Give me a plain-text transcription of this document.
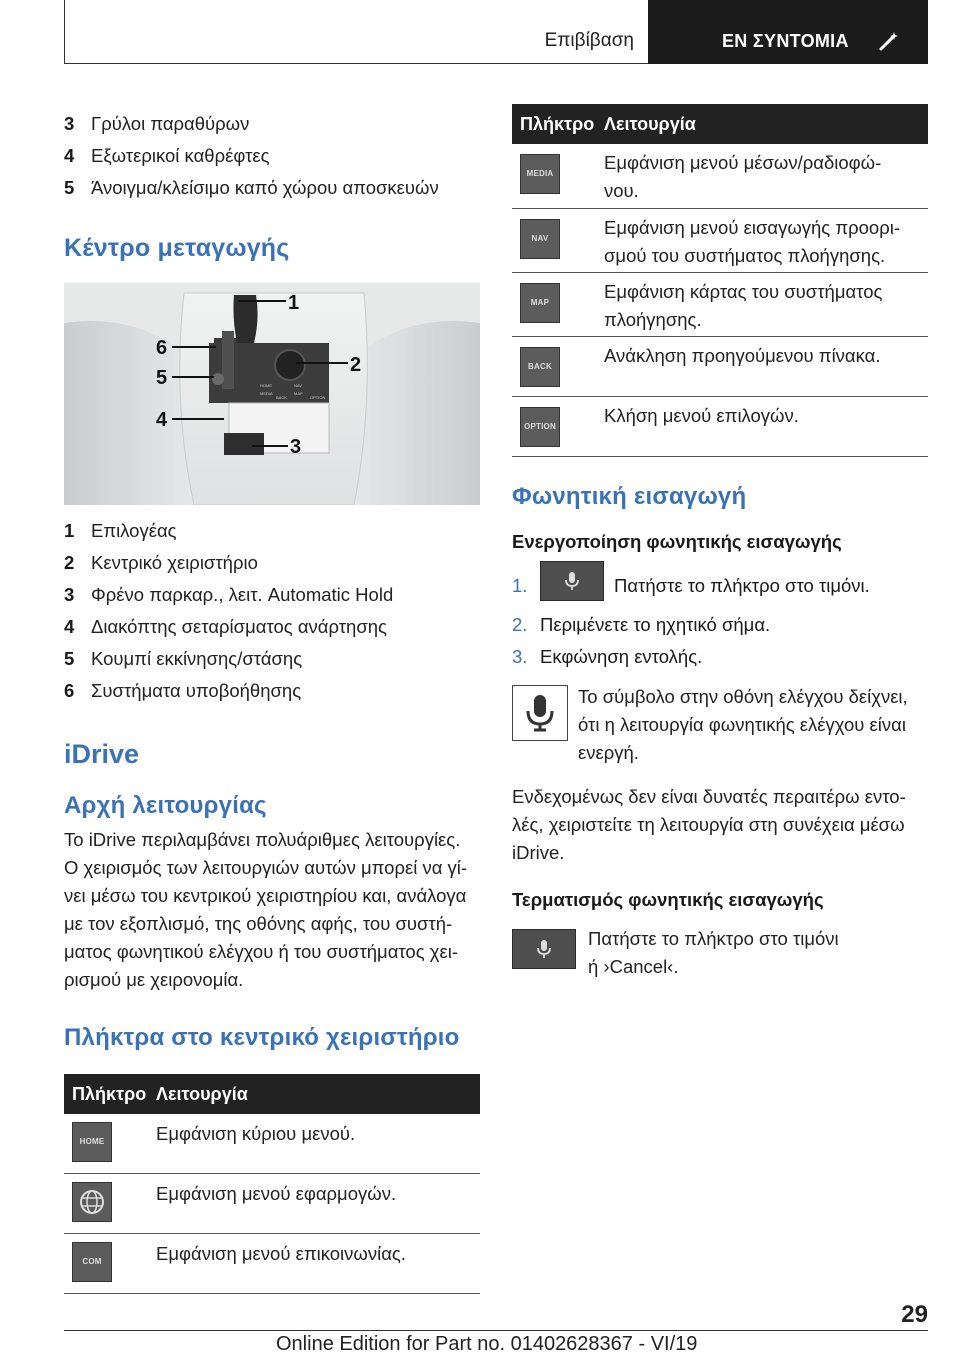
Επιβίβαση	ΕΝ ΣΥΝΤΟΜΙΑ
3 Γρύλοι παραθύρων
4 Εξωτερικοί καθρέφτες
5 Άνοιγμα/κλείσιμο καπό χώρου αποσκευών
Κέντρο μεταγωγής
1
2
3
4
5
6
HOME
MEDIA
NAV
MAP
BACK	OPTION
1 Επιλογέας
2 Κεντρικό χειριστήριο
3 Φρένο παρκαρ., λειτ. Automatic Hold
4 Διακόπτης σεταρίσματος ανάρτησης
5 Κουμπί εκκίνησης/στάσης
6 Συστήματα υποβοήθησης
iDrive
Αρχή λειτουργίας
Το iDrive περιλαμβάνει πολυάριθμες λειτουργίες.
Ο χειρισμός των λειτουργιών αυτών μπορεί να γί‐
νει μέσω του κεντρικού χειριστηρίου και, ανάλογα
με τον εξοπλισμό, της οθόνης αφής, του συστή‐
ματος φωνητικού ελέγχου ή του συστήματος χει‐
ρισμού με χειρονομία.
Πλήκτρα στο κεντρικό χειριστήριο
Πλήκτρο	Λειτουργία

HOME	Εμφάνιση κύριου μενού.

Εμφάνιση μενού εφαρμογών.

COM	Εμφάνιση μενού επικοινωνίας.
Πλήκτρο	Λειτουργία

MEDIA	Εμφάνιση μενού μέσων/ραδιοφώ‐
νου.

NAV	Εμφάνιση μενού εισαγωγής προορι‐
σμού του συστήματος πλοήγησης.

MAP	Εμφάνιση κάρτας του συστήματος
πλοήγησης.

BACK	Ανάκληση προηγούμενου πίνακα.

OPTION	Κλήση μενού επιλογών.
Φωνητική εισαγωγή
Ενεργοποίηση φωνητικής εισαγωγής
1.	Πατήστε το πλήκτρο στο τιμόνι.
2. Περιμένετε το ηχητικό σήμα.
3. Εκφώνηση εντολής.
Το σύμβολο στην οθόνη ελέγχου δείχνει,
ότι η λειτουργία φωνητικής ελέγχου είναι
ενεργή.
Ενδεχομένως δεν είναι δυνατές περαιτέρω εντο‐
λές, χειριστείτε τη λειτουργία στη συνέχεια μέσω
iDrive.
Τερματισμός φωνητικής εισαγωγής
Πατήστε το πλήκτρο στο τιμόνι
ή ›Cancel‹.
29
Online Edition for Part no. 01402628367 - VI/19
